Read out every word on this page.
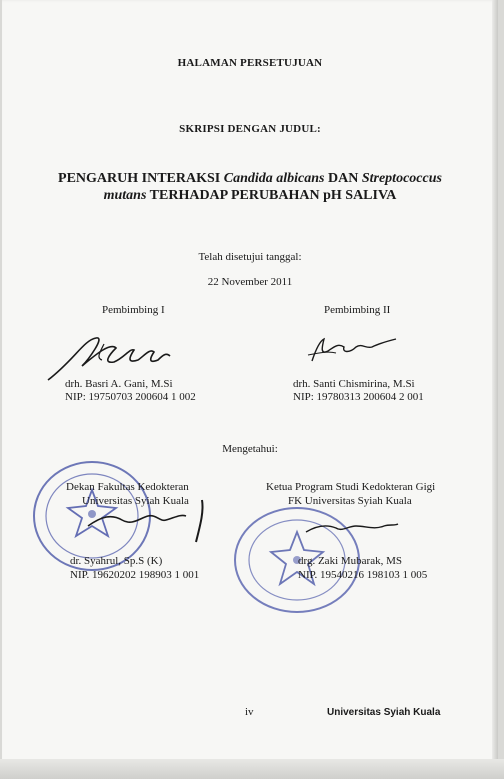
HALAMAN PERSETUJUAN
SKRIPSI DENGAN JUDUL:
PENGARUH INTERAKSI Candida albicans DAN Streptococcus
mutans TERHADAP PERUBAHAN pH SALIVA
Telah disetujui tanggal:
22 November 2011
Pembimbing I	Pembimbing II
drh. Basri A. Gani, M.Si
NIP: 19750703 200604 1 002
drh. Santi Chismirina, M.Si
NIP: 19780313 200604 2 001
Mengetahui:
Dekan Fakultas Kedokteran
Universitas Syiah Kuala
Ketua Program Studi Kedokteran Gigi
FK Universitas Syiah Kuala
dr. Syahrul, Sp.S (K)
NIP. 19620202 198903 1 001
drg. Zaki Mubarak, MS
NIP. 19540216 198103 1 005
iv	Universitas Syiah Kuala
